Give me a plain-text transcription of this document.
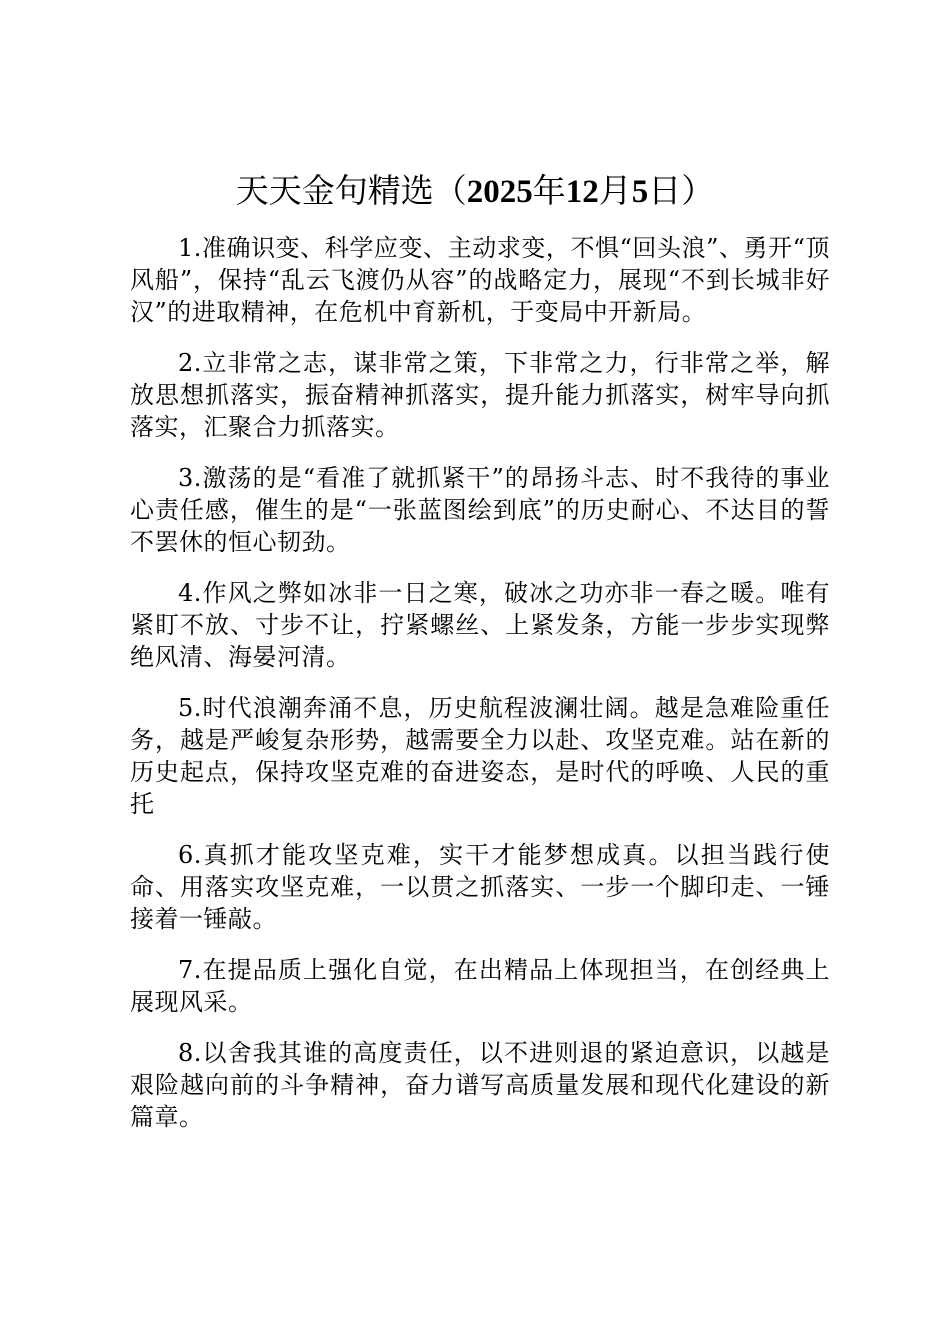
天天金句精选（2025年12月5日）

1.准确识变、科学应变、主动求变，不惧“回头浪”、勇开“顶风船”，保持“乱云飞渡仍从容”的战略定力，展现“不到长城非好汉”的进取精神，在危机中育新机，于变局中开新局。

2.立非常之志，谋非常之策，下非常之力，行非常之举，解放思想抓落实，振奋精神抓落实，提升能力抓落实，树牢导向抓落实，汇聚合力抓落实。

3.激荡的是“看准了就抓紧干”的昂扬斗志、时不我待的事业心责任感，催生的是“一张蓝图绘到底”的历史耐心、不达目的誓不罢休的恒心韧劲。

4.作风之弊如冰非一日之寒，破冰之功亦非一春之暖。唯有紧盯不放、寸步不让，拧紧螺丝、上紧发条，方能一步步实现弊绝风清、海晏河清。

5.时代浪潮奔涌不息，历史航程波澜壮阔。越是急难险重任务，越是严峻复杂形势，越需要全力以赴、攻坚克难。站在新的历史起点，保持攻坚克难的奋进姿态，是时代的呼唤、人民的重托

6.真抓才能攻坚克难，实干才能梦想成真。以担当践行使命、用落实攻坚克难，一以贯之抓落实、一步一个脚印走、一锤接着一锤敲。

7.在提品质上强化自觉，在出精品上体现担当，在创经典上展现风采。

8.以舍我其谁的高度责任，以不进则退的紧迫意识，以越是艰险越向前的斗争精神，奋力谱写高质量发展和现代化建设的新篇章。
